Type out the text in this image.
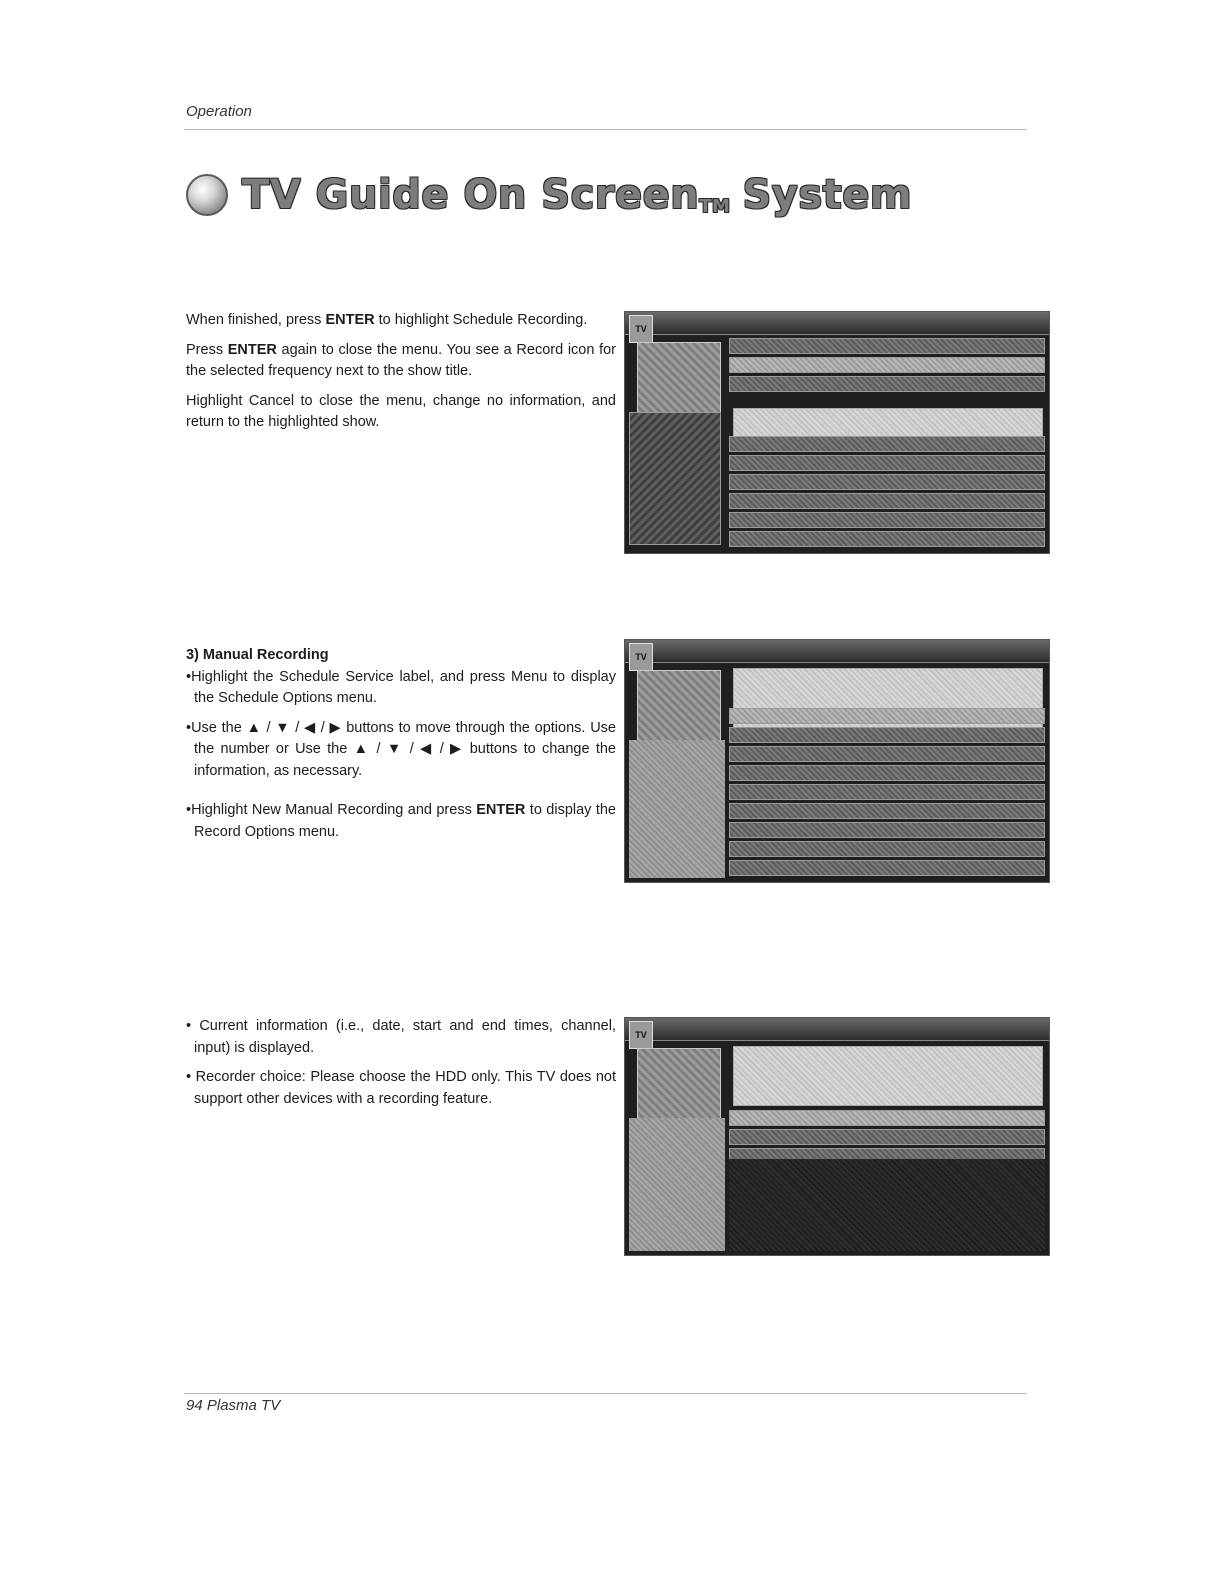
Operation
TV Guide On ScreenTM System

When finished, press ENTER to highlight Schedule Recording.

Press ENTER again to close the menu. You see a Record icon for the selected frequency next to the show title.

Highlight Cancel to close the menu, change no information, and return to the highlighted show.

TV

3) Manual Recording

•Highlight the Schedule Service label, and press Menu to display the Schedule Options menu.

•Use the ▲ / ▼ / ◀ / ▶ buttons to move through the options. Use the number or Use the ▲ / ▼ / ◀ / ▶ buttons to change the information, as necessary.

•Highlight New Manual Recording and press ENTER to display the Record Options menu.

TV

• Current information (i.e., date, start and end times, channel, input) is displayed.

• Recorder choice: Please choose the HDD only. This TV does not support other devices with a recording feature.

TV
94 Plasma TV
